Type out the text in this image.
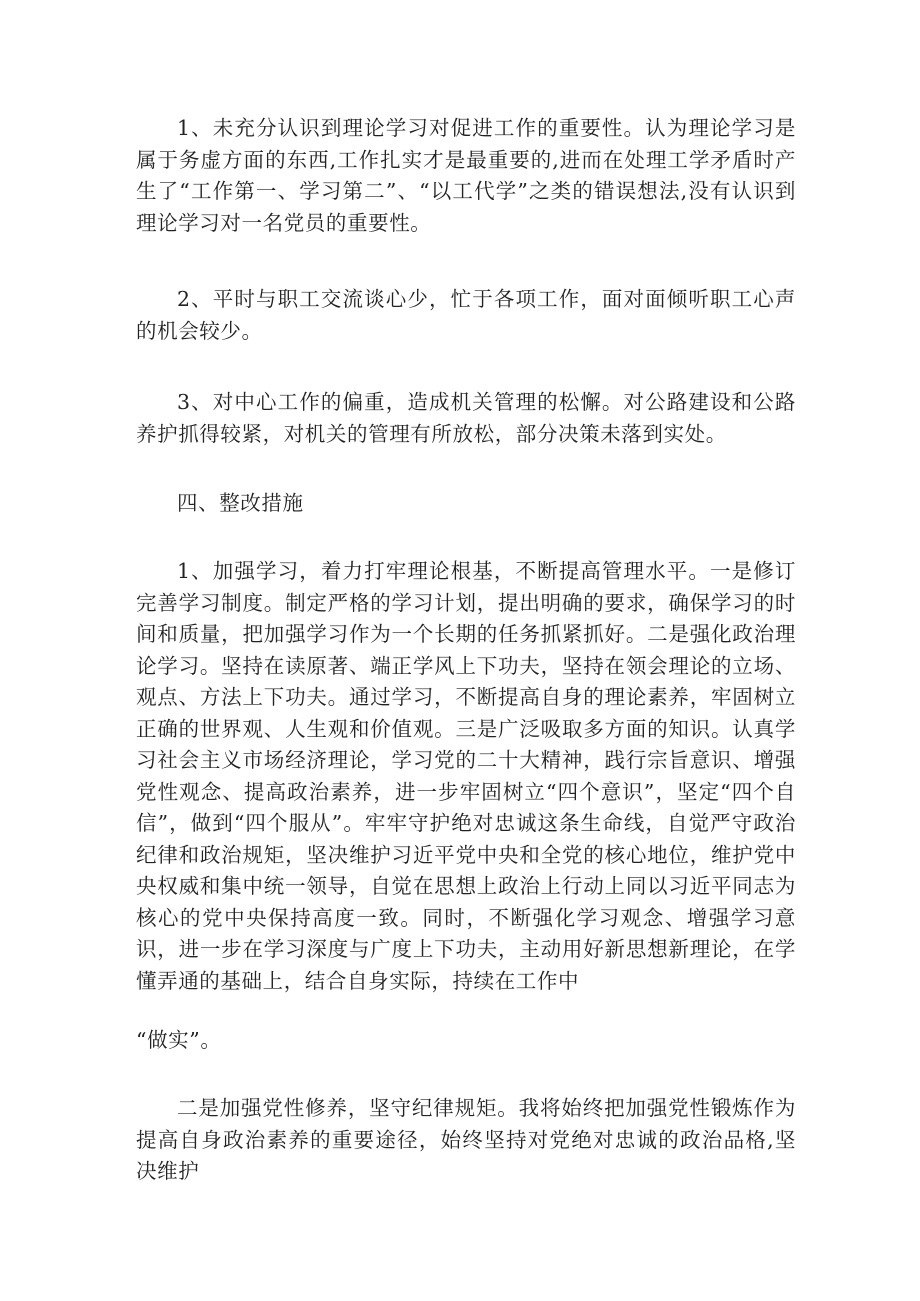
1、未充分认识到理论学习对促进工作的重要性。认为理论学习是属于务虚方面的东西,工作扎实才是最重要的,进而在处理工学矛盾时产生了“工作第一、学习第二”、“以工代学”之类的错误想法,没有认识到理论学习对一名党员的重要性。

2、平时与职工交流谈心少，忙于各项工作，面对面倾听职工心声的机会较少。

3、对中心工作的偏重，造成机关管理的松懈。对公路建设和公路养护抓得较紧，对机关的管理有所放松，部分决策未落到实处。

四、整改措施

1、加强学习，着力打牢理论根基，不断提高管理水平。一是修订完善学习制度。制定严格的学习计划，提出明确的要求，确保学习的时间和质量，把加强学习作为一个长期的任务抓紧抓好。二是强化政治理论学习。坚持在读原著、端正学风上下功夫，坚持在领会理论的立场、观点、方法上下功夫。通过学习，不断提高自身的理论素养，牢固树立正确的世界观、人生观和价值观。三是广泛吸取多方面的知识。认真学习社会主义市场经济理论，学习党的二十大精神，践行宗旨意识、增强党性观念、提高政治素养，进一步牢固树立“四个意识”，坚定“四个自信”，做到“四个服从”。牢牢守护绝对忠诚这条生命线，自觉严守政治纪律和政治规矩，坚决维护习近平党中央和全党的核心地位，维护党中央权威和集中统一领导，自觉在思想上政治上行动上同以习近平同志为核心的党中央保持高度一致。同时，不断强化学习观念、增强学习意识，进一步在学习深度与广度上下功夫，主动用好新思想新理论，在学懂弄通的基础上，结合自身实际，持续在工作中

“做实”。

二是加强党性修养，坚守纪律规矩。我将始终把加强党性锻炼作为提高自身政治素养的重要途径，始终坚持对党绝对忠诚的政治品格,坚决维护
